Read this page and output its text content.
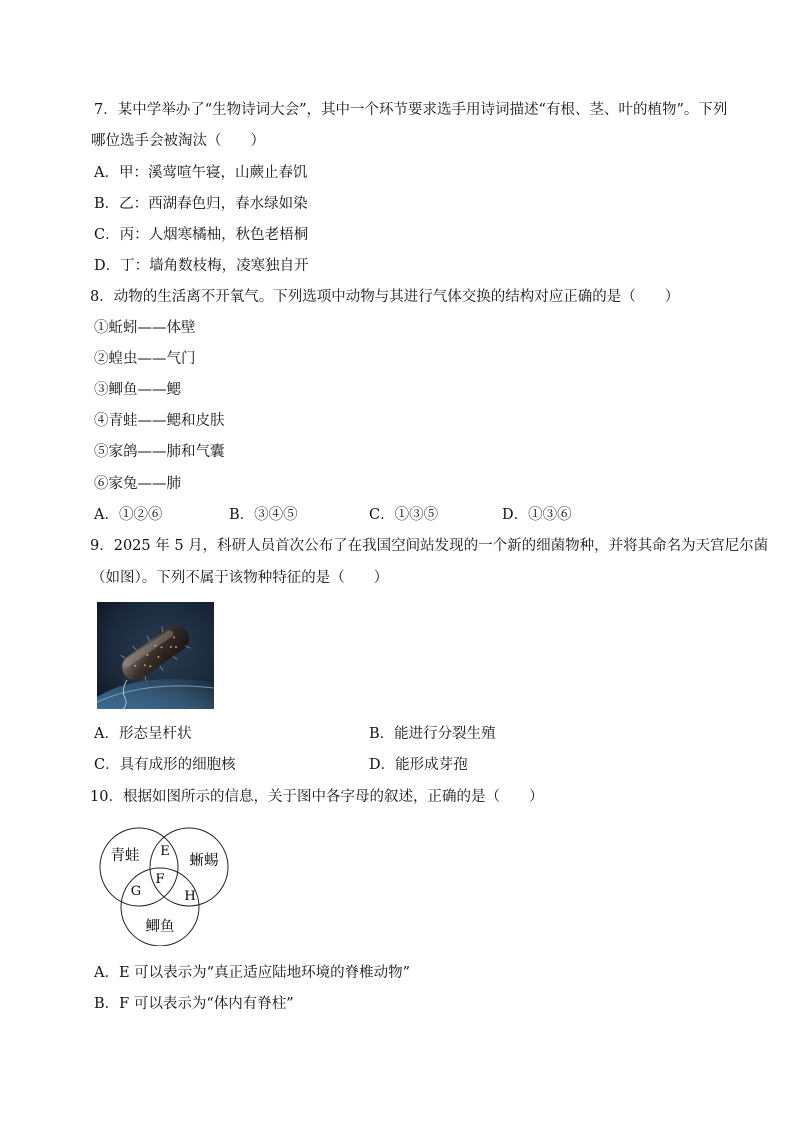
7．某中学举办了“生物诗词大会”，其中一个环节要求选手用诗词描述“有根、茎、叶的植物”。下列
哪位选手会被淘汰（　　）
A．甲：溪莺喧午寝，山蕨止春饥
B．乙：西湖春色归，春水绿如染
C．丙：人烟寒橘柚，秋色老梧桐
D．丁：墙角数枝梅，凌寒独自开
8．动物的生活离不开氧气。下列选项中动物与其进行气体交换的结构对应正确的是（　　）
①蚯蚓——体壁
②蝗虫——气门
③鲫鱼——鳃
④青蛙——鳃和皮肤
⑤家鸽——肺和气囊
⑥家兔——肺
A．①②⑥	B．③④⑤	C．①③⑤	D．①③⑥
9．2025 年 5 月，科研人员首次公布了在我国空间站发现的一个新的细菌物种，并将其命名为天宫尼尔菌
（如图）。下列不属于该物种特征的是（　　）
A．形态呈杆状	B．能进行分裂生殖
C．具有成形的细胞核	D．能形成芽孢
10．根据如图所示的信息，关于图中各字母的叙述，正确的是（　　）
青蛙	蜥蜴
鲫鱼
E
F
G	H
A．E 可以表示为“真正适应陆地环境的脊椎动物”
B．F 可以表示为“体内有脊柱”
